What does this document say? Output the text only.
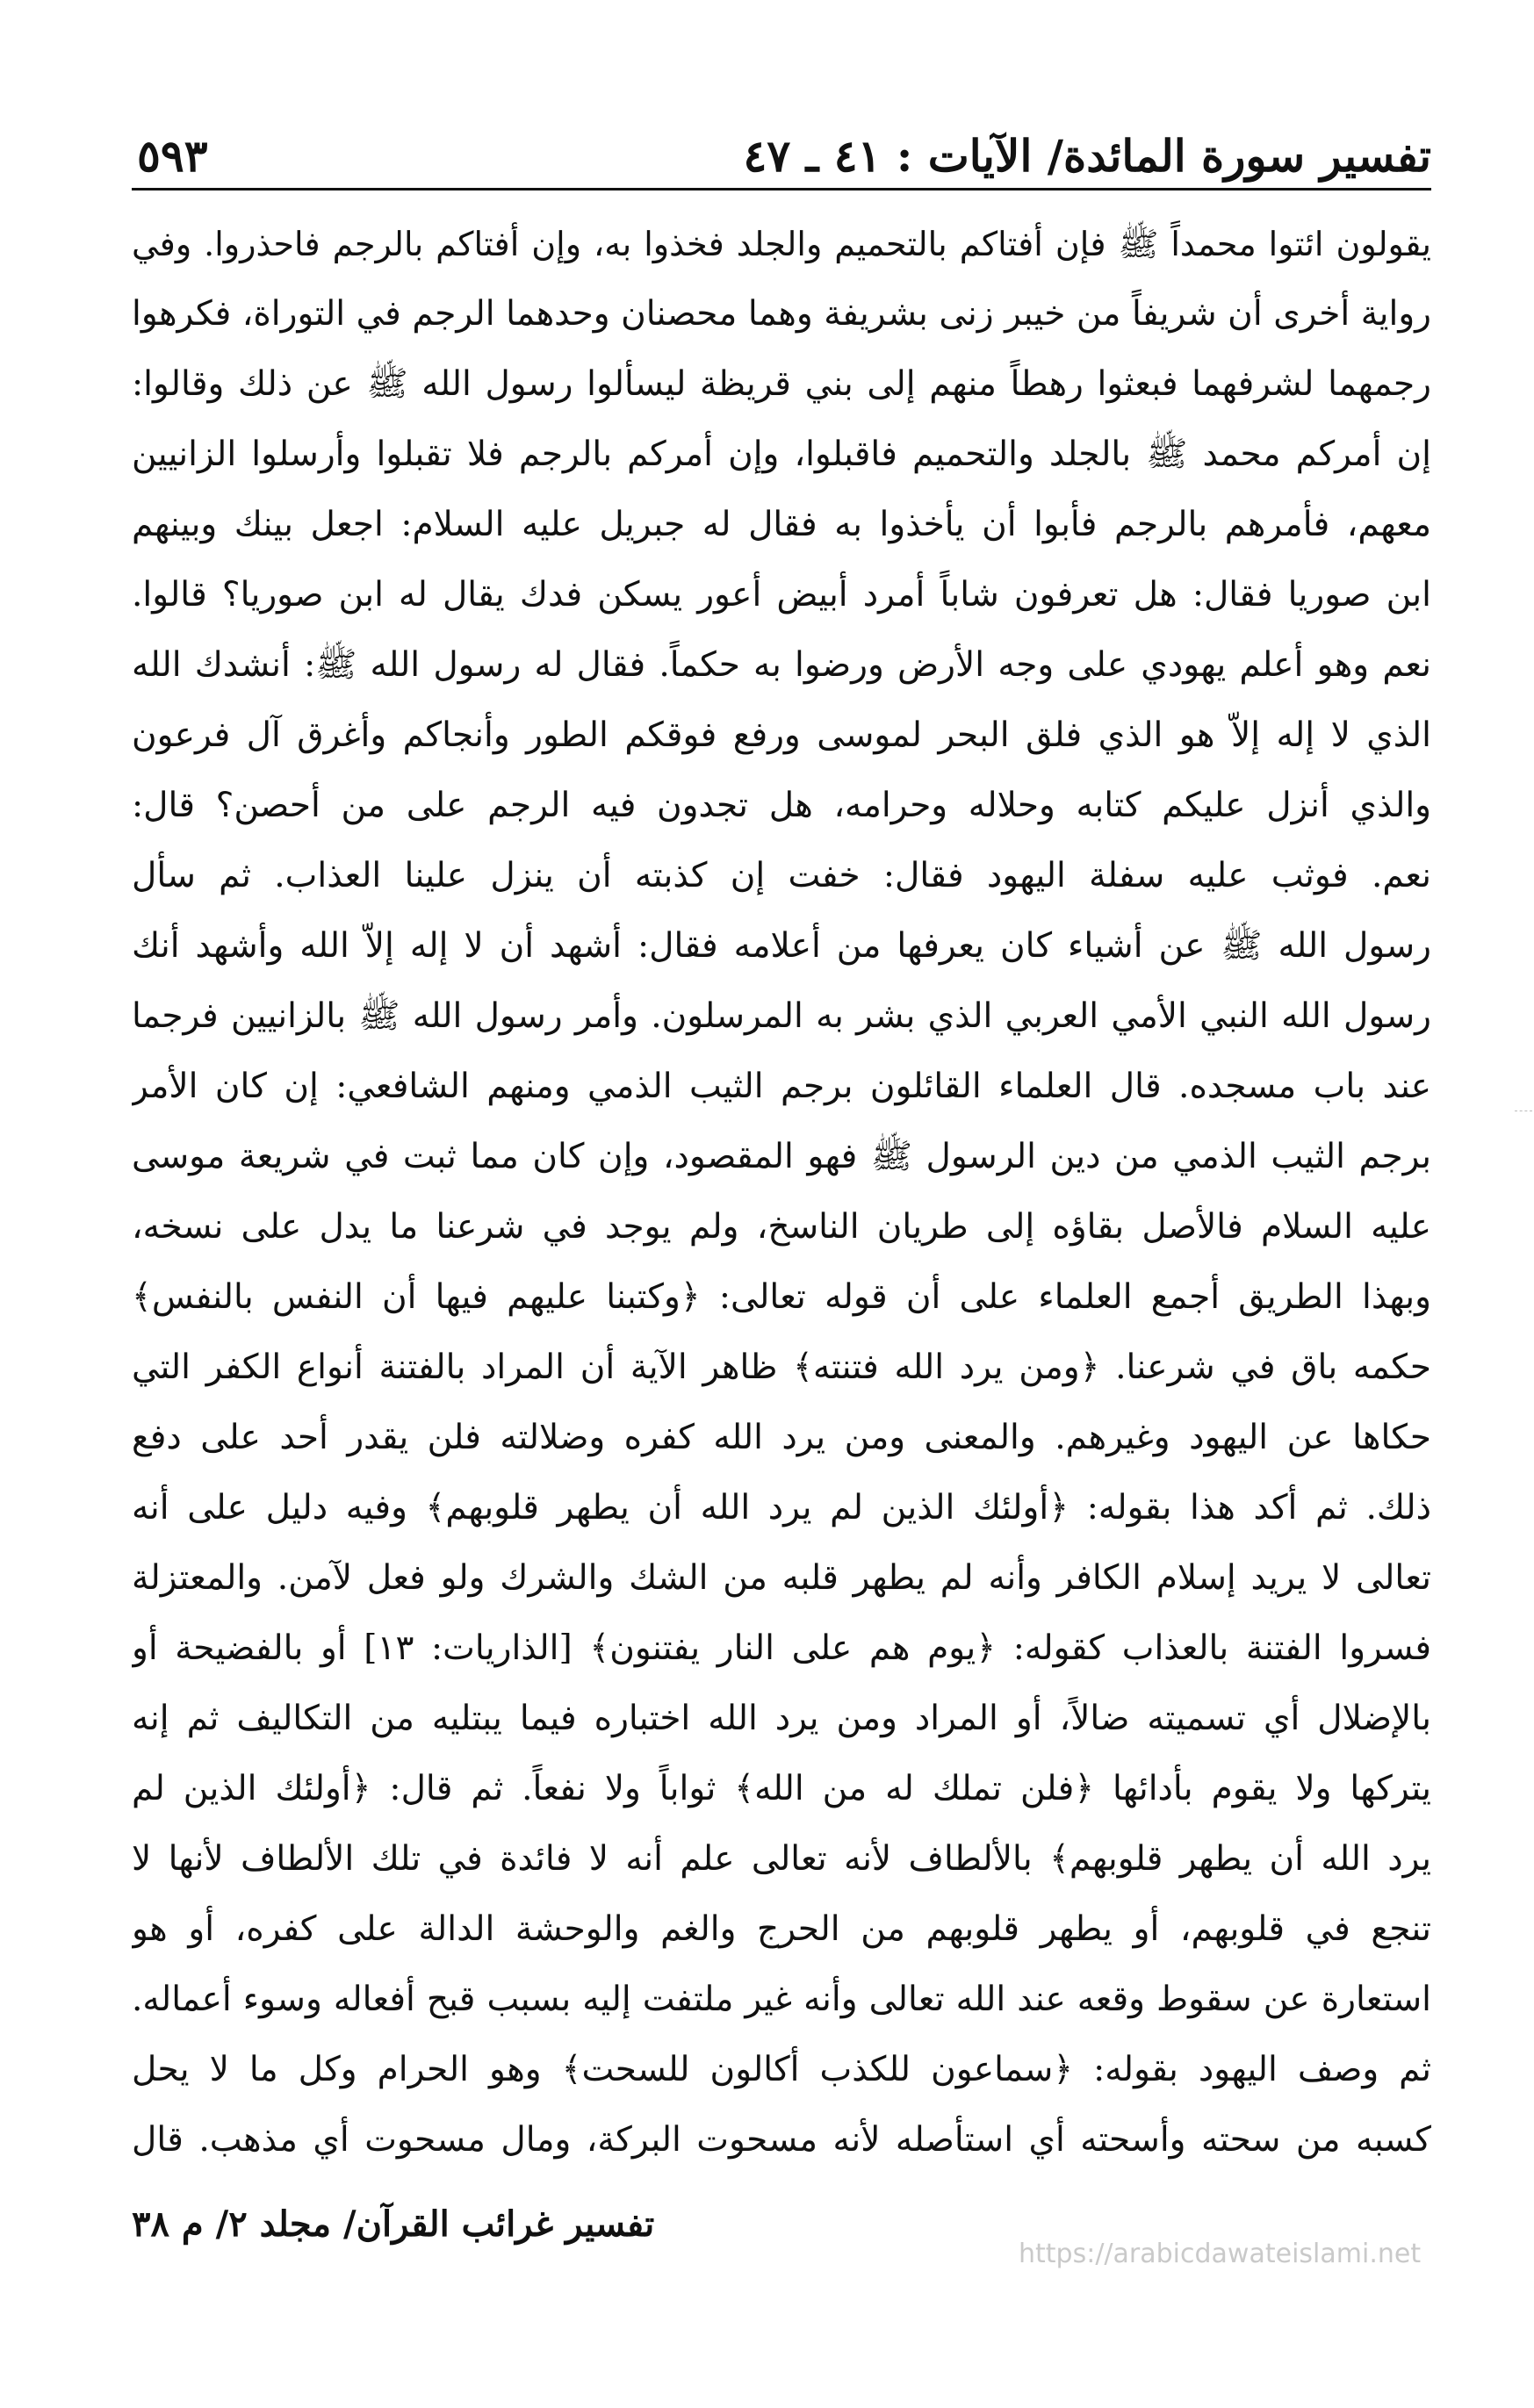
٥٩٣	تفسير سورة المائدة/ الآيات : ٤١ ـ ٤٧
يقولون ائتوا محمداً ﷺ فإن أفتاكم بالتحميم والجلد فخذوا به، وإن أفتاكم بالرجم فاحذروا. وفي
رواية أخرى أن شريفاً من خيبر زنى بشريفة وهما محصنان وحدهما الرجم في التوراة، فكرهوا
رجمهما لشرفهما فبعثوا رهطاً منهم إلى بني قريظة ليسألوا رسول الله ﷺ عن ذلك وقالوا:
إن أمركم محمد ﷺ بالجلد والتحميم فاقبلوا، وإن أمركم بالرجم فلا تقبلوا وأرسلوا الزانيين
معهم، فأمرهم بالرجم فأبوا أن يأخذوا به فقال له جبريل عليه السلام: اجعل بينك وبينهم
ابن صوريا فقال: هل تعرفون شاباً أمرد أبيض أعور يسكن فدك يقال له ابن صوريا؟ قالوا.
نعم وهو أعلم يهودي على وجه الأرض ورضوا به حكماً. فقال له رسول الله ﷺ: أنشدك الله
الذي لا إله إلاّ هو الذي فلق البحر لموسى ورفع فوقكم الطور وأنجاكم وأغرق آل فرعون
والذي أنزل عليكم كتابه وحلاله وحرامه، هل تجدون فيه الرجم على من أحصن؟ قال:
نعم. فوثب عليه سفلة اليهود فقال: خفت إن كذبته أن ينزل علينا العذاب. ثم سأل
رسول الله ﷺ عن أشياء كان يعرفها من أعلامه فقال: أشهد أن لا إله إلاّ الله وأشهد أنك
رسول الله النبي الأمي العربي الذي بشر به المرسلون. وأمر رسول الله ﷺ بالزانيين فرجما
عند باب مسجده. قال العلماء القائلون برجم الثيب الذمي ومنهم الشافعي: إن كان الأمر
برجم الثيب الذمي من دين الرسول ﷺ فهو المقصود، وإن كان مما ثبت في شريعة موسى
عليه السلام فالأصل بقاؤه إلى طريان الناسخ، ولم يوجد في شرعنا ما يدل على نسخه،
وبهذا الطريق أجمع العلماء على أن قوله تعالى: ﴿وكتبنا عليهم فيها أن النفس بالنفس﴾
حكمه باق في شرعنا. ﴿ومن يرد الله فتنته﴾ ظاهر الآية أن المراد بالفتنة أنواع الكفر التي
حكاها عن اليهود وغيرهم. والمعنى ومن يرد الله كفره وضلالته فلن يقدر أحد على دفع
ذلك. ثم أكد هذا بقوله: ﴿أولئك الذين لم يرد الله أن يطهر قلوبهم﴾ وفيه دليل على أنه
تعالى لا يريد إسلام الكافر وأنه لم يطهر قلبه من الشك والشرك ولو فعل لآمن. والمعتزلة
فسروا الفتنة بالعذاب كقوله: ﴿يوم هم على النار يفتنون﴾ [الذاريات: ١٣] أو بالفضيحة أو
بالإضلال أي تسميته ضالاً، أو المراد ومن يرد الله اختباره فيما يبتليه من التكاليف ثم إنه
يتركها ولا يقوم بأدائها ﴿فلن تملك له من الله﴾ ثواباً ولا نفعاً. ثم قال: ﴿أولئك الذين لم
يرد الله أن يطهر قلوبهم﴾ بالألطاف لأنه تعالى علم أنه لا فائدة في تلك الألطاف لأنها لا
تنجع في قلوبهم، أو يطهر قلوبهم من الحرج والغم والوحشة الدالة على كفره، أو هو
استعارة عن سقوط وقعه عند الله تعالى وأنه غير ملتفت إليه بسبب قبح أفعاله وسوء أعماله.
ثم وصف اليهود بقوله: ﴿سماعون للكذب أكالون للسحت﴾ وهو الحرام وكل ما لا يحل
كسبه من سحته وأسحته أي استأصله لأنه مسحوت البركة، ومال مسحوت أي مذهب. قال
تفسير غرائب القرآن/ مجلد ٢/ م ٣٨
https://arabicdawateislami.net
